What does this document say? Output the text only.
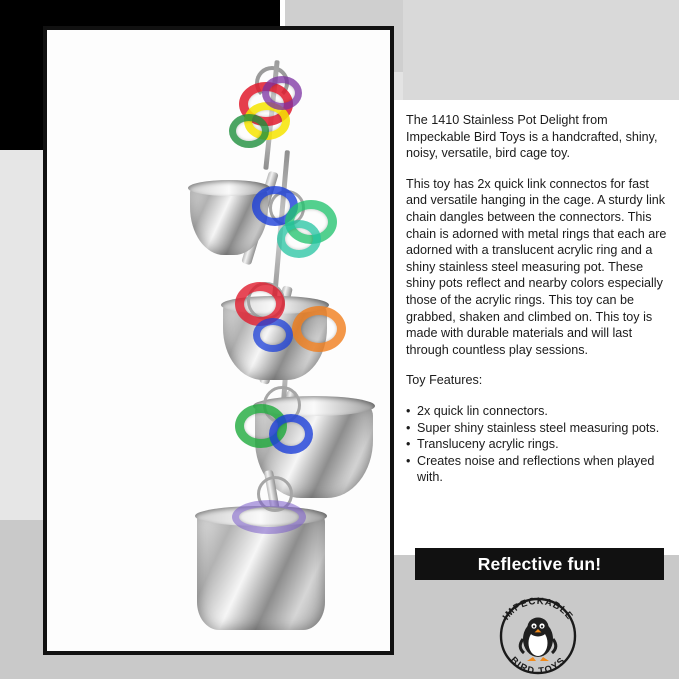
The 1410 Stainless Pot Delight from Impeckable Bird Toys is a handcrafted, shiny, noisy, versatile, bird cage toy.

This toy has 2x quick link connectos for fast and versatile hanging in the cage. A sturdy link chain dangles between the connectors. This chain is adorned with metal rings that each are adorned with a translucent acrylic ring and a shiny stainless steel measuring pot. These shiny pots reflect and nearby colors especially those of the acrylic rings. This toy can be grabbed, shaken and climbed on. This toy is made with durable materials and will last through countless play sessions.

Toy Features:

• 2x quick lin connectors.
• Super shiny stainless steel measuring pots.
• Transluceny acrylic rings.
• Creates noise and reflections when played with.
Reflective fun!
IMPECKABLE
BIRD TOYS
